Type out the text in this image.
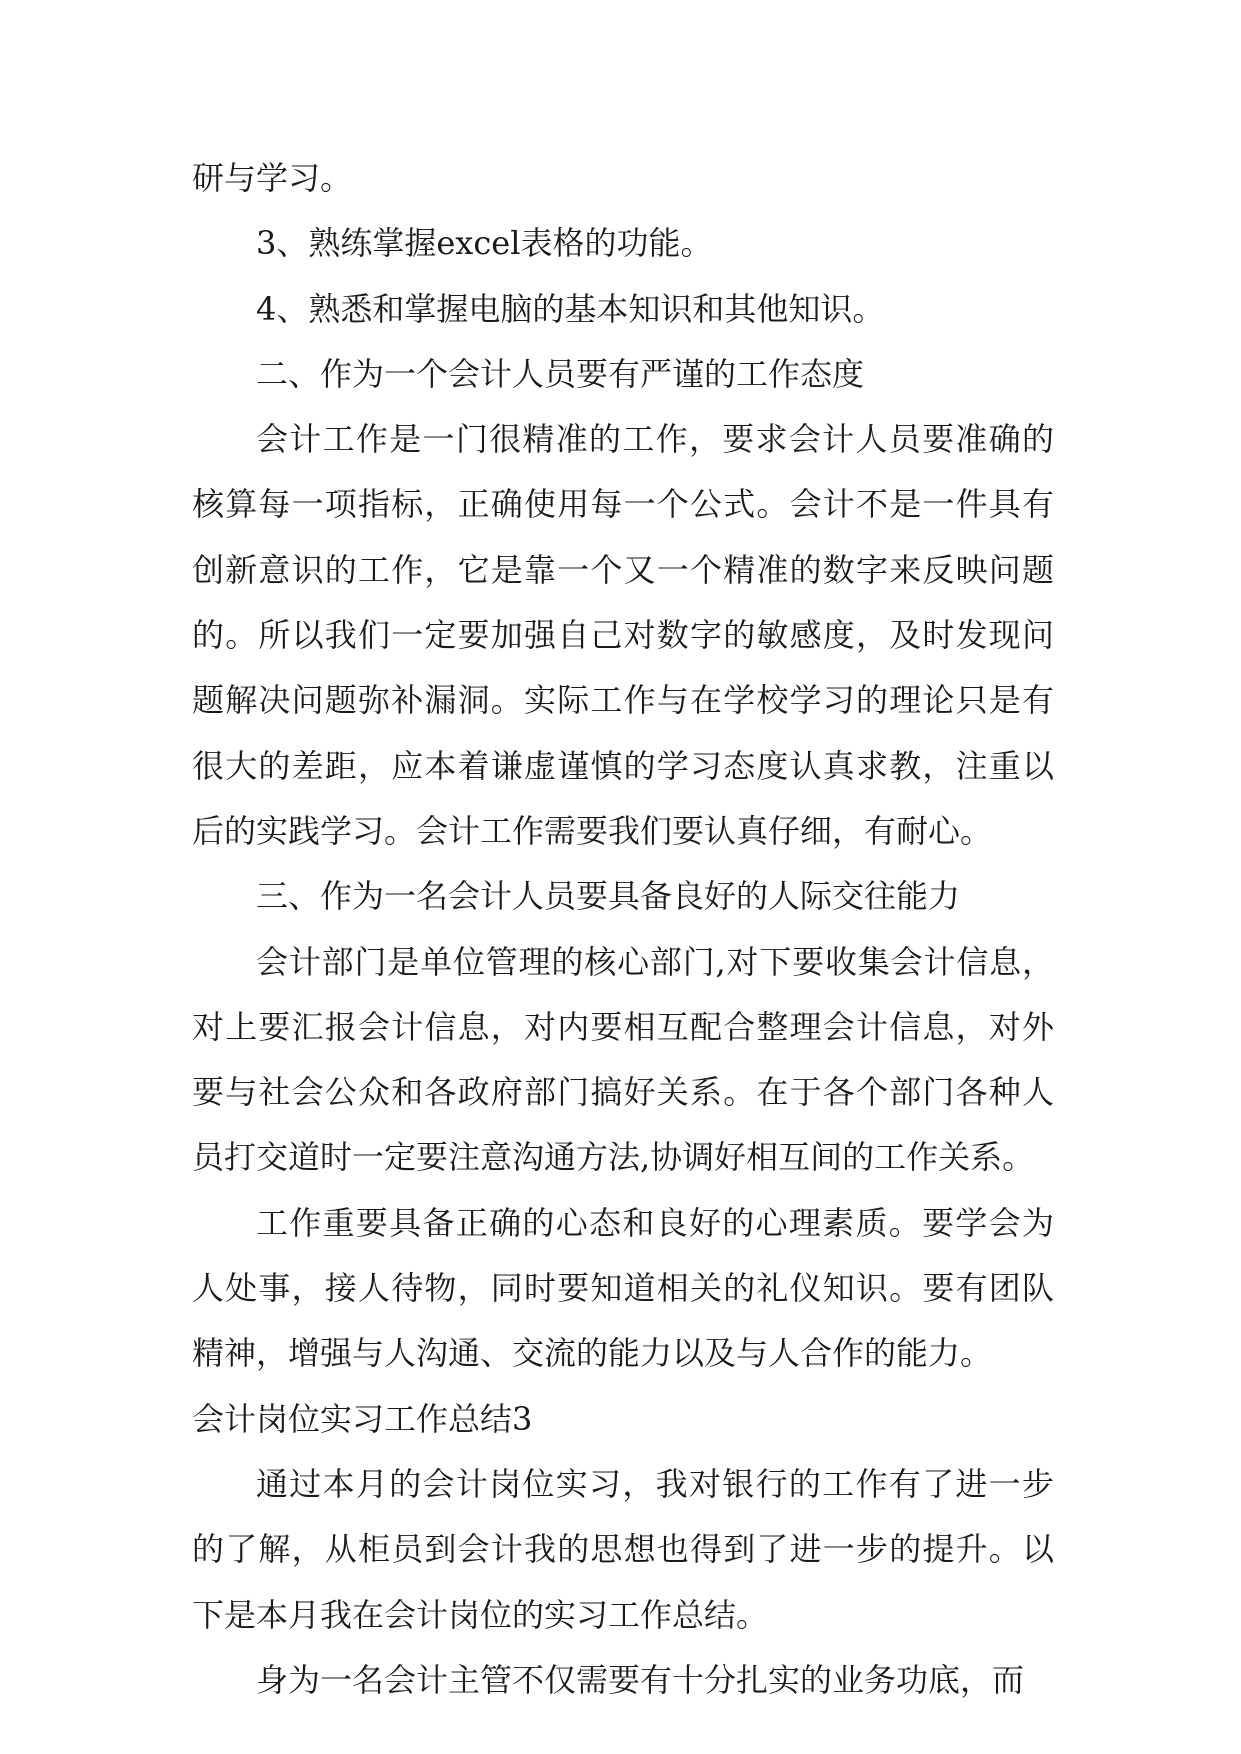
研与学习。

3、熟练掌握excel表格的功能。

4、熟悉和掌握电脑的基本知识和其他知识。

二、作为一个会计人员要有严谨的工作态度

会计工作是一门很精准的工作，要求会计人员要准确的核算每一项指标，正确使用每一个公式。会计不是一件具有创新意识的工作，它是靠一个又一个精准的数字来反映问题的。所以我们一定要加强自己对数字的敏感度，及时发现问题解决问题弥补漏洞。实际工作与在学校学习的理论只是有很大的差距，应本着谦虚谨慎的学习态度认真求教，注重以后的实践学习。会计工作需要我们要认真仔细，有耐心。

三、作为一名会计人员要具备良好的人际交往能力

会计部门是单位管理的核心部门,对下要收集会计信息，对上要汇报会计信息，对内要相互配合整理会计信息，对外要与社会公众和各政府部门搞好关系。在于各个部门各种人员打交道时一定要注意沟通方法,协调好相互间的工作关系。

工作重要具备正确的心态和良好的心理素质。要学会为人处事，接人待物，同时要知道相关的礼仪知识。要有团队精神，增强与人沟通、交流的能力以及与人合作的能力。

会计岗位实习工作总结3

通过本月的会计岗位实习，我对银行的工作有了进一步的了解，从柜员到会计我的思想也得到了进一步的提升。以下是本月我在会计岗位的实习工作总结。

身为一名会计主管不仅需要有十分扎实的业务功底，而
